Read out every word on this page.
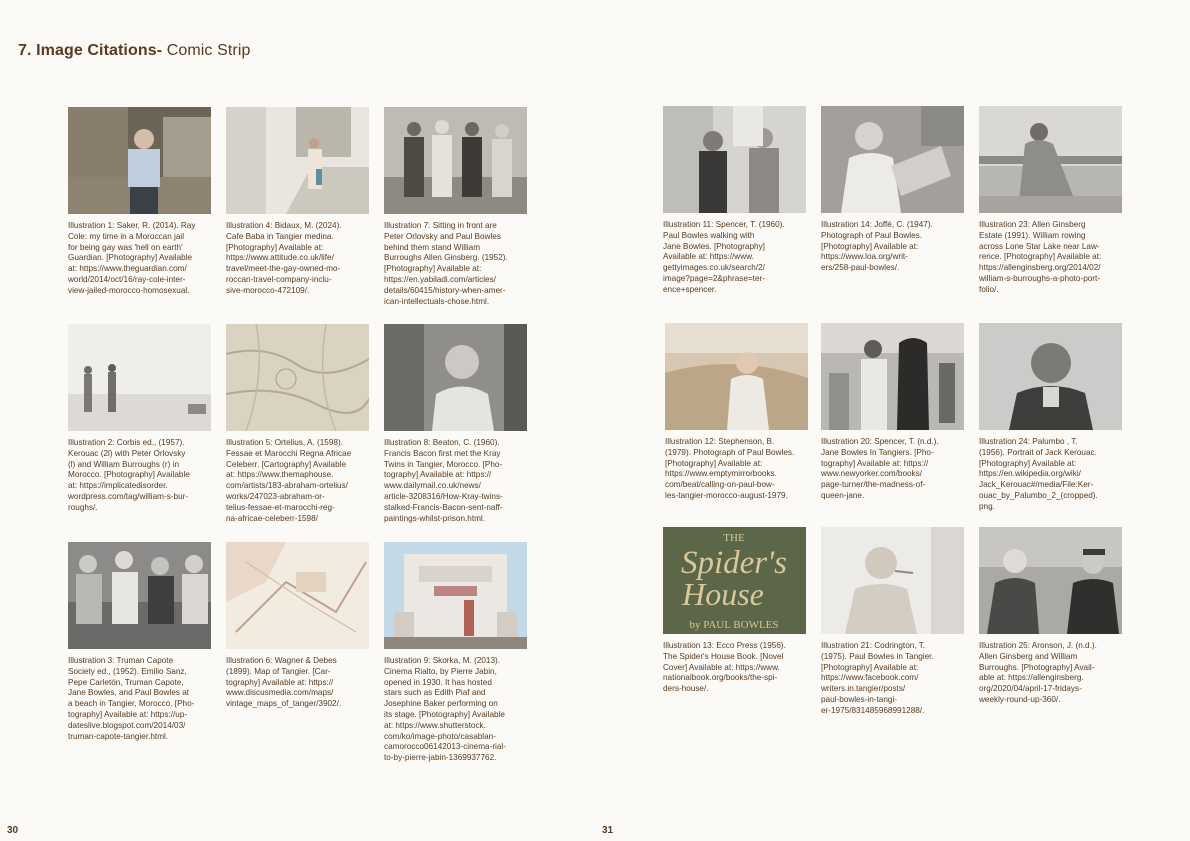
7. Image Citations- Comic Strip
Illustration 1: Saker, R. (2014). Ray
Cole: my time in a Moroccan jail
for being gay was 'hell on earth'
Guardian. [Photography] Available
at: https://www.theguardian.com/
world/2014/oct/16/ray-cole-inter-
view-jailed-morocco-homosexual.
Illustration 2: Corbis ed., (1957).
Kerouac (2l) with Peter Orlovsky
(l) and William Burroughs (r) in
Morocco. [Photography] Available
at: https://implicatedisorder.
wordpress.com/tag/william-s-bur-
roughs/.
Illustration 3: Truman Capote
Society ed., (1952). Emilio Sanz,
Pepe Carletón, Truman Capote,
Jane Bowles, and Paul Bowles at
a beach in Tangier, Morocco. [Pho-
tography] Available at: https://up-
dateslive.blogspot.com/2014/03/
truman-capote-tangier.html.
Illustration 4: Bidaux, M. (2024).
Cafe Baba in Tangier medina.
[Photography] Available at:
https://www.attitude.co.uk/life/
travel/meet-the-gay-owned-mo-
roccan-travel-company-inclu-
sive-morocco-472109/.
Illustration 5: Ortelius, A. (1598).
Fessae et Marocchi Regna Africae
Celeberr. [Cartography] Available
at: https://www.themaphouse.
com/artists/183-abraham-ortelius/
works/247023-abraham-or-
telius-fessae-et-marocchi-reg-
na-africae-celeberr-1598/
Illustration 6: Wagner & Debes
(1899). Map of Tangier. [Car-
tography] Available at: https://
www.discusmedia.com/maps/
vintage_maps_of_tanger/3902/.
Illustration 7: Sitting in front are
Peter Orlovsky and Paul Bowles
behind them stand William
Burroughs Allen Ginsberg. (1952).
[Photography] Available at:
https://en.yabiladi.com/articles/
details/60415/history-when-amer-
ican-intellectuals-chose.html.
Illustration 8: Beaton, C. (1960).
Francis Bacon first met the Kray
Twins in Tangier, Morocco. [Pho-
tography] Available at: https://
www.dailymail.co.uk/news/
article-3208316/How-Kray-twins-
stalked-Francis-Bacon-sent-naff-
paintings-whilst-prison.html.
Illustration 9: Skorka, M. (2013).
Cinema Rialto, by Pierre Jabin,
opened in 1930. It has hosted
stars such as Edith Piaf and
Josephine Baker performing on
its stage. [Photography] Available
at: https://www.shutterstock.
com/ko/image-photo/casablan-
camorocco06142013-cinema-rial-
to-by-pierre-jabin-1369937762.
Illustration 11: Spencer, T. (1960).
Paul Bowles walking with
Jane Bowles. [Photography]
Available at: https://www.
gettyimages.co.uk/search/2/
image?page=2&phrase=ter-
ence+spencer.
Illustration 12: Stephenson, B.
(1979). Photograph of Paul Bowles.
[Photography] Available at:
https://www.emptymirrorbooks.
com/beat/calling-on-paul-bow-
les-tangier-morocco-august-1979.
THE
Spider's
House
by PAUL BOWLES
Illustration 13: Ecco Press (1956).
The Spider's House Book. [Novel
Cover] Available at: https://www.
nationalbook.org/books/the-spi-
ders-house/.
Illustration 14: Joffé, C. (1947).
Photograph of Paul Bowles.
[Photography] Available at:
https://www.loa.org/writ-
ers/258-paul-bowles/.
Illustration 20: Spencer, T. (n.d.).
Jane Bowles In Tangiers. [Pho-
tography] Available at: https://
www.newyorker.com/books/
page-turner/the-madness-of-
queen-jane.
Illustration 21: Codrington, T.
(1975). Paul Bowles in Tangier.
[Photography] Available at:
https://www.facebook.com/
writers.in.tangier/posts/
paul-bowles-in-tangi-
er-1975/831485968991288/.
Illustration 23: Allen Ginsberg
Estate (1991). William rowing
across Lone Star Lake near Law-
rence. [Photography] Available at:
https://allenginsberg.org/2014/02/
william-s-burroughs-a-photo-port-
folio/.
Illustration 24: Palumbo , T.
(1956). Portrait of Jack Kerouac.
[Photography] Available at:
https://en.wikipedia.org/wiki/
Jack_Kerouac#/media/File:Ker-
ouac_by_Palumbo_2_(cropped).
png.
Illustration 25: Aronson, J. (n.d.).
Allen Ginsberg and William
Burroughs. [Photography] Avail-
able at: https://allenginsberg.
org/2020/04/april-17-fridays-
weekly-round-up-360/.
30	31
